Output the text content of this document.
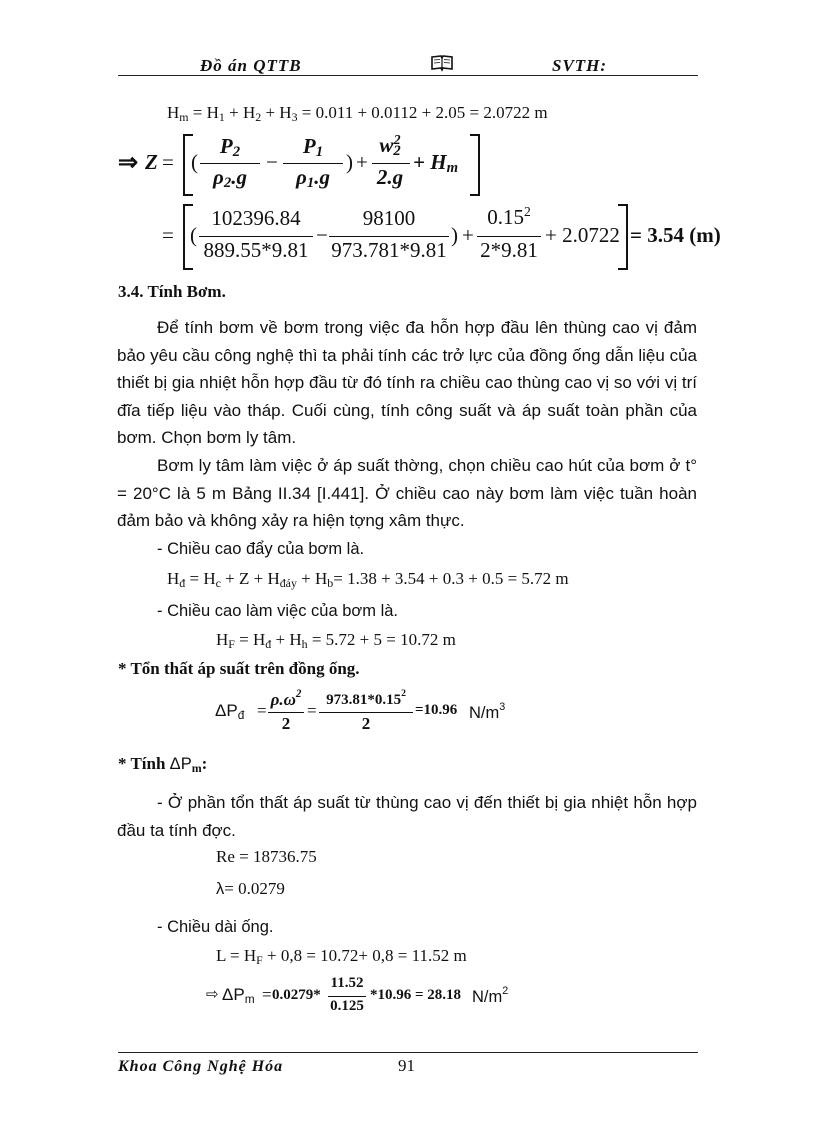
Đồ án QTTB	SVTH:
$H_m = H_1 + H_2 + H_3 = 0.011 + 0.0112 + 2.05 = 2.0722$ m
⇒ Z = (
$P_2$
$\rho_2.g$
−
$P_1$
$\rho_1.g$
) +
$w_2^2$
2.g
+ $H_m$
= (
102396.84
889.55*9.81
−
98100
973.781*9.81
) +
$0.15^2$
2*9.81
+ 2.0722 = 3.54 (m)
3.4. Tính Bơm.
Để tính bơm về bơm trong việc đa hỗn hợp đầu lên thùng cao vị đảm bảo yêu cầu công nghệ thì ta phải tính các trở lực của đồng ống dẫn liệu của thiết bị gia nhiệt hỗn hợp đầu từ đó tính ra chiều cao thùng cao vị so với vị trí đĩa tiếp liệu vào tháp. Cuối cùng, tính công suất và áp suất toàn phần của bơm. Chọn bơm ly tâm.
Bơm ly tâm làm việc ở áp suất thờng, chọn chiều cao hút của bơm ở t° = 20°C là 5 m Bảng II.34 [I.441]. Ở chiều cao này bơm làm việc tuần hoàn đảm bảo và không xảy ra hiện tợng xâm thực.
- Chiều cao đẩy của bơm là.
$H_đ = H_c + Z + H_{đáy} + H_b= 1.38 + 3.54 + 0.3 + 0.5 = 5.72$ m
- Chiều cao làm việc của bơm là.
$H_F = H_đ + H_h = 5.72 + 5 = 10.72$ m
* Tổn thất áp suất trên đồng ống.
$\Delta P_đ$ =
$\rho.\omega^2$
2
=
$973.81*0.15^2$
2
=10.96 $N/m^3$
* Tính $\Delta P_m$:
- Ở phần tổn thất áp suất từ thùng cao vị đến thiết bị gia nhiệt hỗn hợp đầu ta tính đợc.
Re = 18736.75
λ= 0.0279
- Chiều dài ống.
$L = H_F + 0,8 = 10.72+ 0,8 = 11.52$ m
⇨ $\Delta P_m = 0.0279*$
11.52
0.125
*10.96 = 28.18 $N/m^2$
Khoa Công Nghệ Hóa	91
